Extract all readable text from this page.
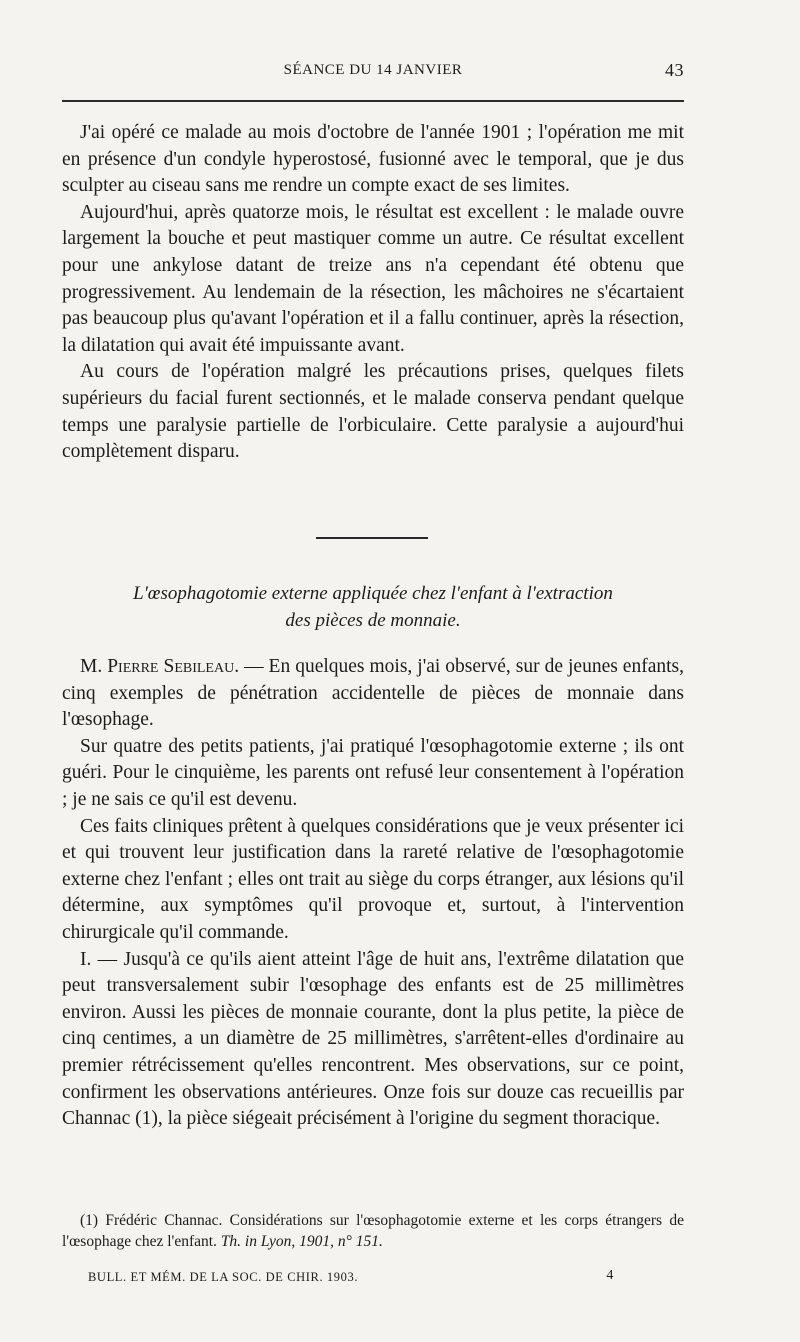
SÉANCE DU 14 JANVIER	43

J'ai opéré ce malade au mois d'octobre de l'année 1901 ; l'opération me mit en présence d'un condyle hyperostosé, fusionné avec le temporal, que je dus sculpter au ciseau sans me rendre un compte exact de ses limites.

Aujourd'hui, après quatorze mois, le résultat est excellent : le malade ouvre largement la bouche et peut mastiquer comme un autre. Ce résultat excellent pour une ankylose datant de treize ans n'a cependant été obtenu que progressivement. Au lendemain de la résection, les mâchoires ne s'écartaient pas beaucoup plus qu'avant l'opération et il a fallu continuer, après la résection, la dilatation qui avait été impuissante avant.

Au cours de l'opération malgré les précautions prises, quelques filets supérieurs du facial furent sectionnés, et le malade conserva pendant quelque temps une paralysie partielle de l'orbiculaire. Cette paralysie a aujourd'hui complètement disparu.

L'œsophagotomie externe appliquée chez l'enfant à l'extraction
des pièces de monnaie.

M. Pierre Sebileau. — En quelques mois, j'ai observé, sur de jeunes enfants, cinq exemples de pénétration accidentelle de pièces de monnaie dans l'œsophage.

Sur quatre des petits patients, j'ai pratiqué l'œsophagotomie externe ; ils ont guéri. Pour le cinquième, les parents ont refusé leur consentement à l'opération ; je ne sais ce qu'il est devenu.

Ces faits cliniques prêtent à quelques considérations que je veux présenter ici et qui trouvent leur justification dans la rareté relative de l'œsophagotomie externe chez l'enfant ; elles ont trait au siège du corps étranger, aux lésions qu'il détermine, aux symptômes qu'il provoque et, surtout, à l'intervention chirurgicale qu'il commande.

I. — Jusqu'à ce qu'ils aient atteint l'âge de huit ans, l'extrême dilatation que peut transversalement subir l'œsophage des enfants est de 25 millimètres environ. Aussi les pièces de monnaie courante, dont la plus petite, la pièce de cinq centimes, a un diamètre de 25 millimètres, s'arrêtent-elles d'ordinaire au premier rétrécissement qu'elles rencontrent. Mes observations, sur ce point, confirment les observations antérieures. Onze fois sur douze cas recueillis par Channac (1), la pièce siégeait précisément à l'origine du segment thoracique.

(1) Frédéric Channac. Considérations sur l'œsophagotomie externe et les corps étrangers de l'œsophage chez l'enfant. Th. in Lyon, 1901, n° 151.

BULL. ET MÉM. DE LA SOC. DE CHIR. 1903.	4
